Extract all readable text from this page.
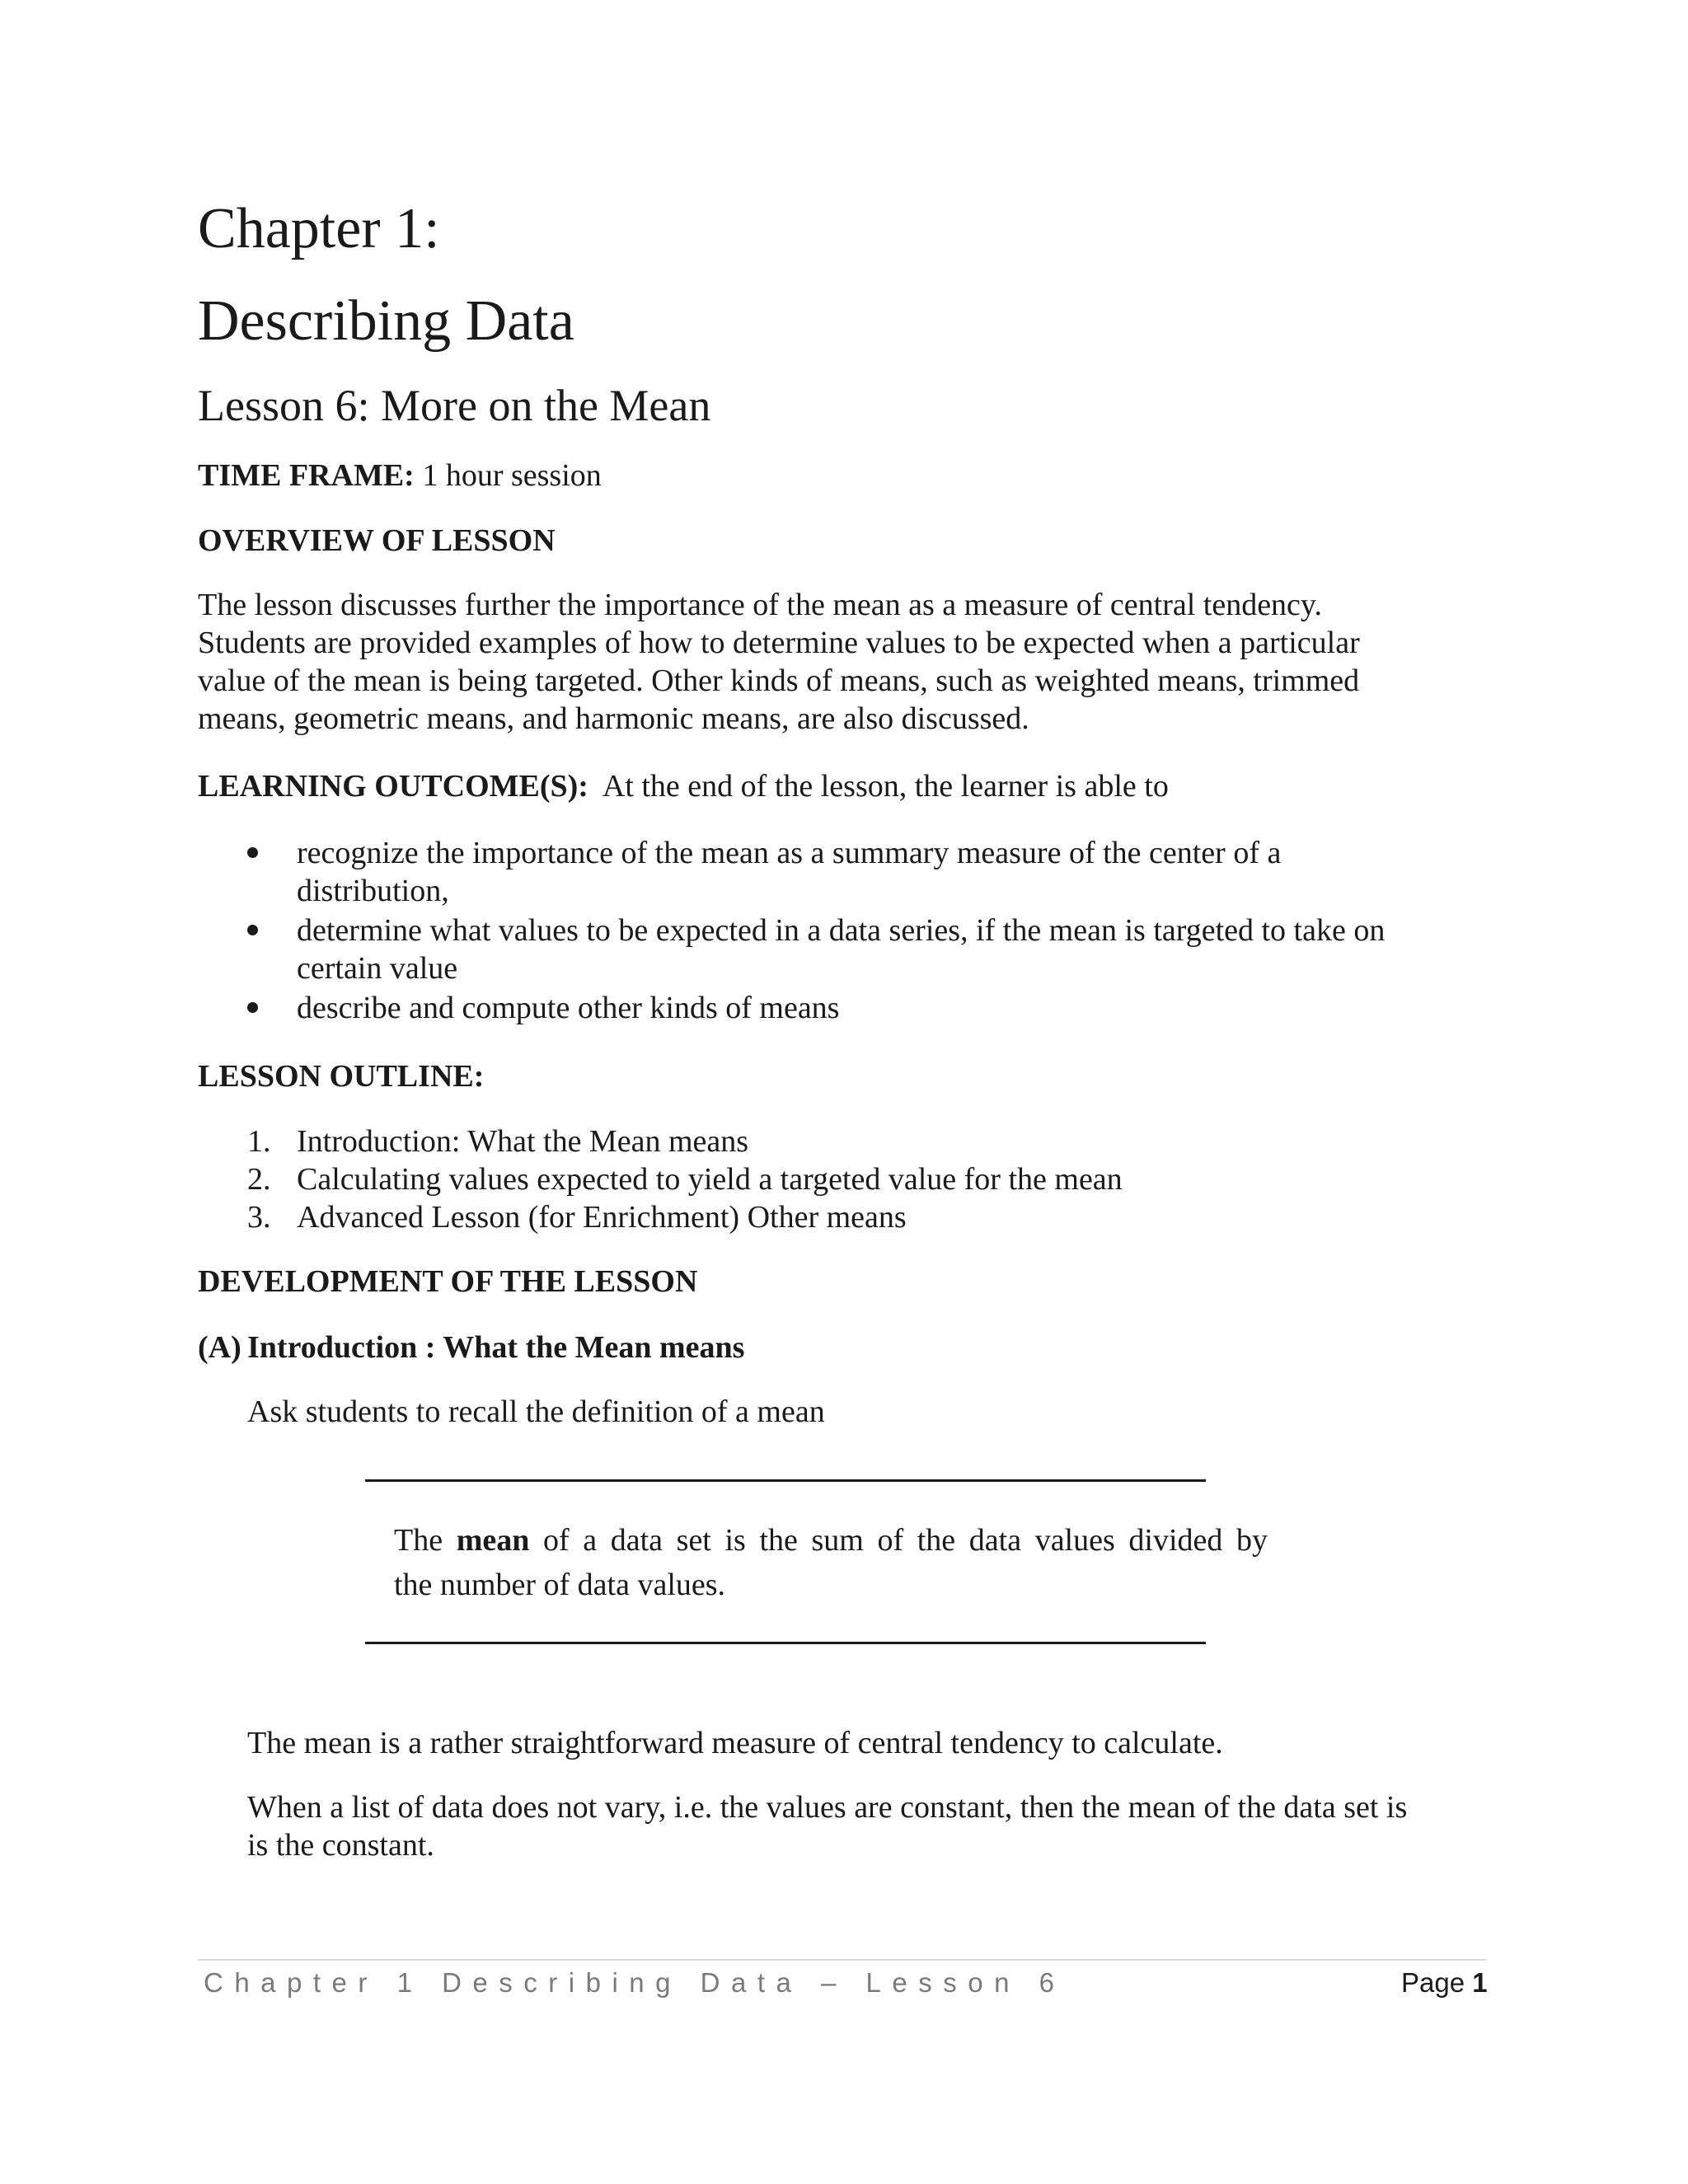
Chapter 1:
Describing Data
Lesson 6: More on the Mean

TIME FRAME: 1 hour session

OVERVIEW OF LESSON

The lesson discusses further the importance of the mean as a measure of central tendency.
Students are provided examples of how to determine values to be expected when a particular
value of the mean is being targeted. Other kinds of means, such as weighted means, trimmed
means, geometric means, and harmonic means, are also discussed.

LEARNING OUTCOME(S):  At the end of the lesson, the learner is able to

recognize the importance of the mean as a summary measure of the center of a
distribution,
determine what values to be expected in a data series, if the mean is targeted to take on
certain value
describe and compute other kinds of means

LESSON OUTLINE:

1. Introduction: What the Mean means
2. Calculating values expected to yield a targeted value for the mean
3. Advanced Lesson (for Enrichment) Other means

DEVELOPMENT OF THE LESSON

(A) Introduction : What the Mean means

Ask students to recall the definition of a mean

The mean of a data set is the sum of the data values divided by
the number of data values.

The mean is a rather straightforward measure of central tendency to calculate.

When a list of data does not vary, i.e. the values are constant, then the mean of the data set is
is the constant.

Chapter 1 Describing Data – Lesson 6	Page 1
